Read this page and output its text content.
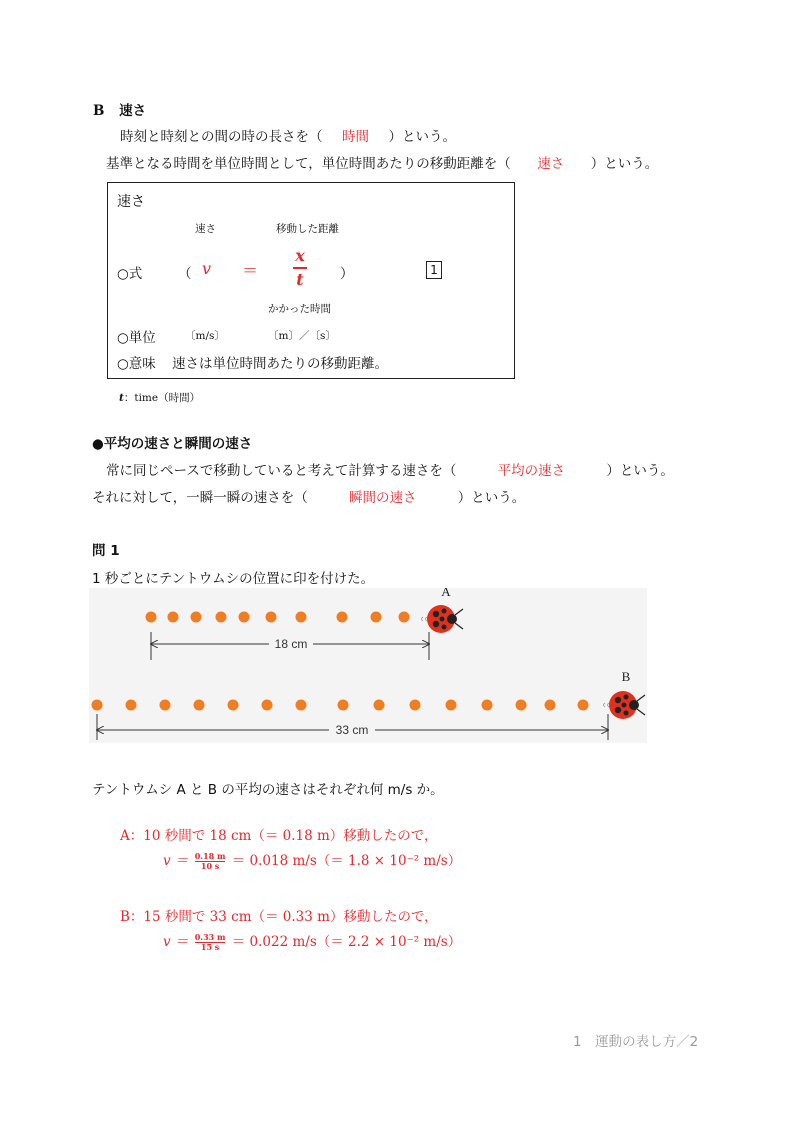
B 速さ
時刻と時刻との間の時の長さを（ 時間 ）という。
基準となる時間を単位時間として，単位時間あたりの移動距離を（ 速さ ）という。
速さ
速さ	移動した距離
○式	（ v ＝
x
t	）	1
かかった時間
○単位	〔m/s〕	〔m〕／〔s〕
○意味 速さは単位時間あたりの移動距離。
t：time（時間）
●平均の速さと瞬間の速さ
常に同じペースで移動していると考えて計算する速さを（	平均の速さ	）という。
それに対して，一瞬一瞬の速さを（	瞬間の速さ	）という。
問 1
1 秒ごとにテントウムシの位置に印を付けた。
18 cm
33 cm
A
B
テントウムシ A と B の平均の速さはそれぞれ何 m/s か。
A：10 秒間で 18 cm（＝ 0.18 m）移動したので，
$v = \frac{0.18 m}{10 s} = 0.018$ m/s（＝ 1.8 × 10⁻² m/s）
B：15 秒間で 33 cm（＝ 0.33 m）移動したので，
$v = \frac{0.33 m}{15 s} = 0.022$ m/s（＝ 2.2 × 10⁻² m/s）
1　運動の表し方／2
